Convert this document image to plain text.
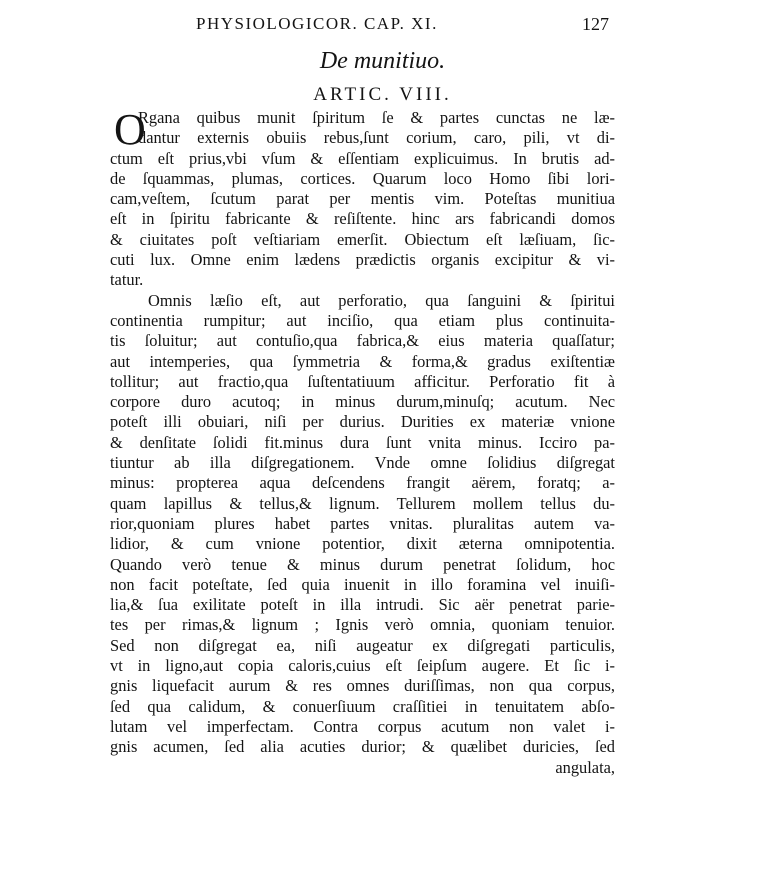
PHYSIOLOGICOR. CAP. XI.	127
De munitiuo.
ARTIC. VIII.
O
Rgana quibus munit ſpiritum ſe & partes cunctas ne læ-
dantur externis obuiis rebus,ſunt corium, caro, pili, vt di-
ctum eſt prius,vbi vſum & eſſentiam explicuimus. In brutis ad-
de ſquammas, plumas, cortices. Quarum loco Homo ſibi lori-
cam,veſtem, ſcutum parat per mentis vim. Poteſtas munitiua
eſt in ſpiritu fabricante & reſiſtente. hinc ars fabricandi domos
& ciuitates poſt veſtiariam emerſit. Obiectum eſt læſiuam, ſic-
cuti lux. Omne enim lædens prædictis organis excipitur & vi-
tatur.
Omnis læſio eſt, aut perforatio, qua ſanguini & ſpiritui
continentia rumpitur; aut inciſio, qua etiam plus continuita-
tis ſoluitur; aut contuſio,qua fabrica,& eius materia quaſſatur;
aut intemperies, qua ſymmetria & forma,& gradus exiſtentiæ
tollitur; aut fractio,qua ſuſtentatiuum afficitur. Perforatio fit à
corpore duro acutoq; in minus durum,minuſq; acutum. Nec
poteſt illi obuiari, niſi per durius. Durities ex materiæ vnione
& denſitate ſolidi fit.minus dura ſunt vnita minus. Icciro pa-
tiuntur ab illa diſgregationem. Vnde omne ſolidius diſgregat
minus: propterea aqua deſcendens frangit aërem, foratq; a-
quam lapillus & tellus,& lignum. Tellurem mollem tellus du-
rior,quoniam plures habet partes vnitas. pluralitas autem va-
lidior, & cum vnione potentior, dixit æterna omnipotentia.
Quando verò tenue & minus durum penetrat ſolidum, hoc
non facit poteſtate, ſed quia inuenit in illo foramina vel inuiſi-
lia,& ſua exilitate poteſt in illa intrudi. Sic aër penetrat parie-
tes per rimas,& lignum ; Ignis verò omnia, quoniam tenuior.
Sed non diſgregat ea, niſi augeatur ex diſgregati particulis,
vt in ligno,aut copia caloris,cuius eſt ſeipſum augere. Et ſic i-
gnis liquefacit aurum & res omnes duriſſimas, non qua corpus,
ſed qua calidum, & conuerſiuum craſſitiei in tenuitatem abſo-
lutam vel imperfectam. Contra corpus acutum non valet i-
gnis acumen, ſed alia acuties durior; & quælibet duricies, ſed
angulata,
